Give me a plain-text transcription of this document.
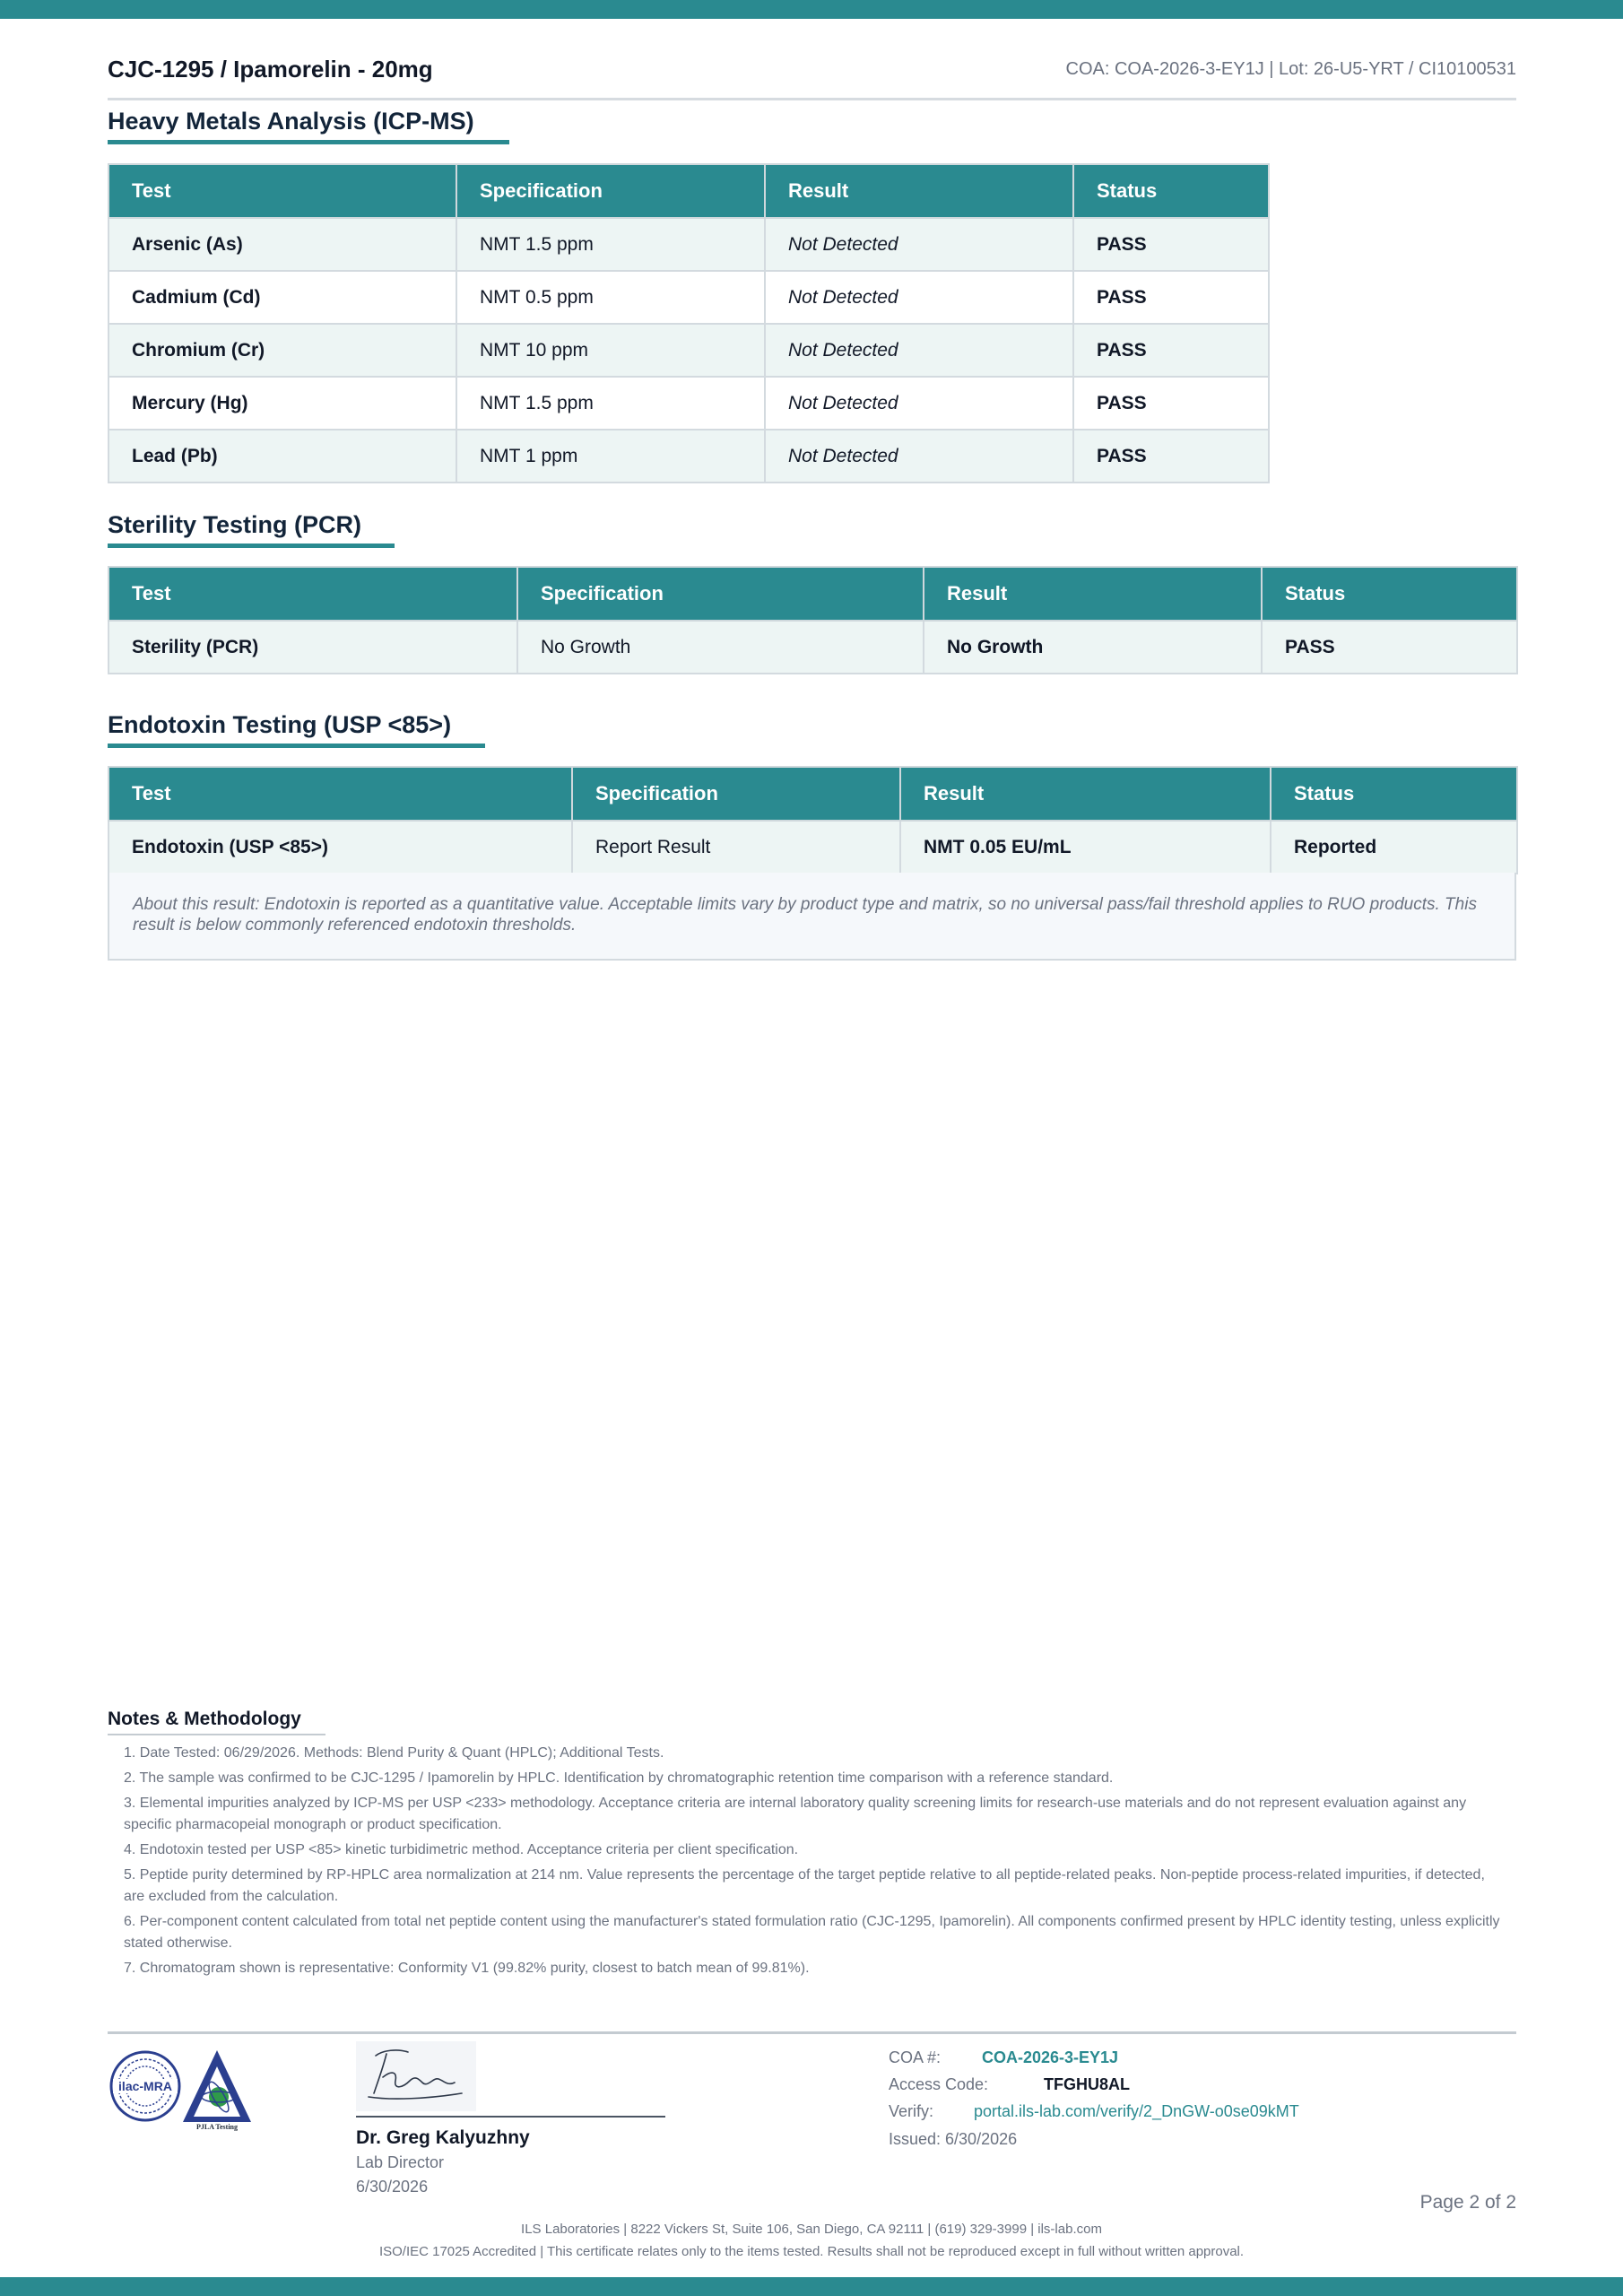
CJC-1295 / Ipamorelin - 20mg	COA: COA-2026-3-EY1J | Lot: 26-U5-YRT / CI10100531
Heavy Metals Analysis (ICP-MS)
Test	Specification	Result	Status
Arsenic (As)	NMT 1.5 ppm	Not Detected	PASS
Cadmium (Cd)	NMT 0.5 ppm	Not Detected	PASS
Chromium (Cr)	NMT 10 ppm	Not Detected	PASS
Mercury (Hg)	NMT 1.5 ppm	Not Detected	PASS
Lead (Pb)	NMT 1 ppm	Not Detected	PASS
Sterility Testing (PCR)
Test	Specification	Result	Status
Sterility (PCR)	No Growth	No Growth	PASS
Endotoxin Testing (USP <85>)
Test	Specification	Result	Status
Endotoxin (USP <85>)	Report Result	NMT 0.05 EU/mL	Reported
About this result: Endotoxin is reported as a quantitative value. Acceptable limits vary by product type and matrix, so no universal pass/fail threshold applies to RUO products. This result is below commonly referenced endotoxin thresholds.
Notes & Methodology
1. Date Tested: 06/29/2026. Methods: Blend Purity & Quant (HPLC); Additional Tests.
2. The sample was confirmed to be CJC-1295 / Ipamorelin by HPLC. Identification by chromatographic retention time comparison with a reference standard.
3. Elemental impurities analyzed by ICP-MS per USP <233> methodology. Acceptance criteria are internal laboratory quality screening limits for research-use materials and do not represent evaluation against any specific pharmacopeial monograph or product specification.
4. Endotoxin tested per USP <85> kinetic turbidimetric method. Acceptance criteria per client specification.
5. Peptide purity determined by RP-HPLC area normalization at 214 nm. Value represents the percentage of the target peptide relative to all peptide-related peaks. Non-peptide process-related impurities, if detected, are excluded from the calculation.
6. Per-component content calculated from total net peptide content using the manufacturer's stated formulation ratio (CJC-1295, Ipamorelin). All components confirmed present by HPLC identity testing, unless explicitly stated otherwise.
7. Chromatogram shown is representative: Conformity V1 (99.82% purity, closest to batch mean of 99.81%).
ilac-MRA
PJLA Testing
Dr. Greg Kalyuzhny
Lab Director
6/30/2026
COA #:	COA-2026-3-EY1J
Access Code:	TFGHU8AL
Verify: portal.ils-lab.com/verify/2_DnGW-o0se09kMT
Issued: 6/30/2026
Page 2 of 2
ILS Laboratories | 8222 Vickers St, Suite 106, San Diego, CA 92111 | (619) 329-3999 | ils-lab.com
ISO/IEC 17025 Accredited | This certificate relates only to the items tested. Results shall not be reproduced except in full without written approval.
